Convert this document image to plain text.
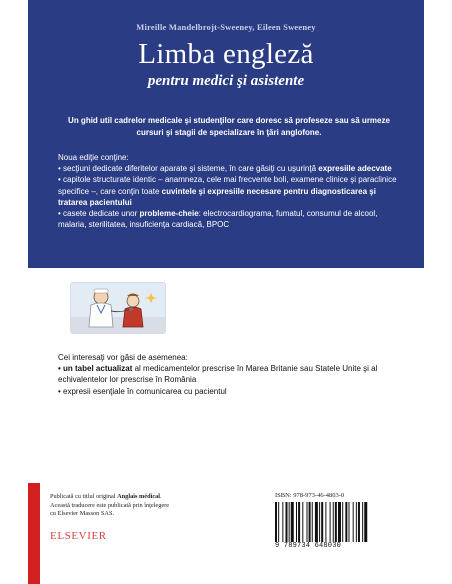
Mireille Mandelbrojt-Sweeney, Eileen Sweeney
Limba engleză
pentru medici şi asistente
Un ghid util cadrelor medicale şi studenţilor care doresc să profeseze sau să urmeze cursuri şi stagii de specializare în ţări anglofone.
Noua ediţie conţine:
• secţiuni dedicate diferitelor aparate şi sisteme, în care găsiţi cu uşurinţă expresiile adecvate
• capitole structurate identic – anamneza, cele mai frecvente boli, examene clinice şi paraclinice specifice –, care conţin toate cuvintele şi expresiile necesare pentru diagnosticarea şi tratarea pacientului
• casete dedicate unor probleme-cheie: electrocardiograma, fumatul, consumul de alcool, malaria, sterilitatea, insuficienţa cardiacă, BPOC
Cei interesaţi vor găsi de asemenea:
• un tabel actualizat al medicamentelor prescrise în Marea Britanie sau Statele Unite şi al echivalentelor lor prescrise în România
• expresii esenţiale în comunicarea cu pacientul
Publicată cu titlul original Anglais médical.
Această traducere este publicată prin înţelegere
cu Elsevier Masson SAS.
ELSEVIER
ISBN: 978-973-46-4803-0
9 789734 648030
